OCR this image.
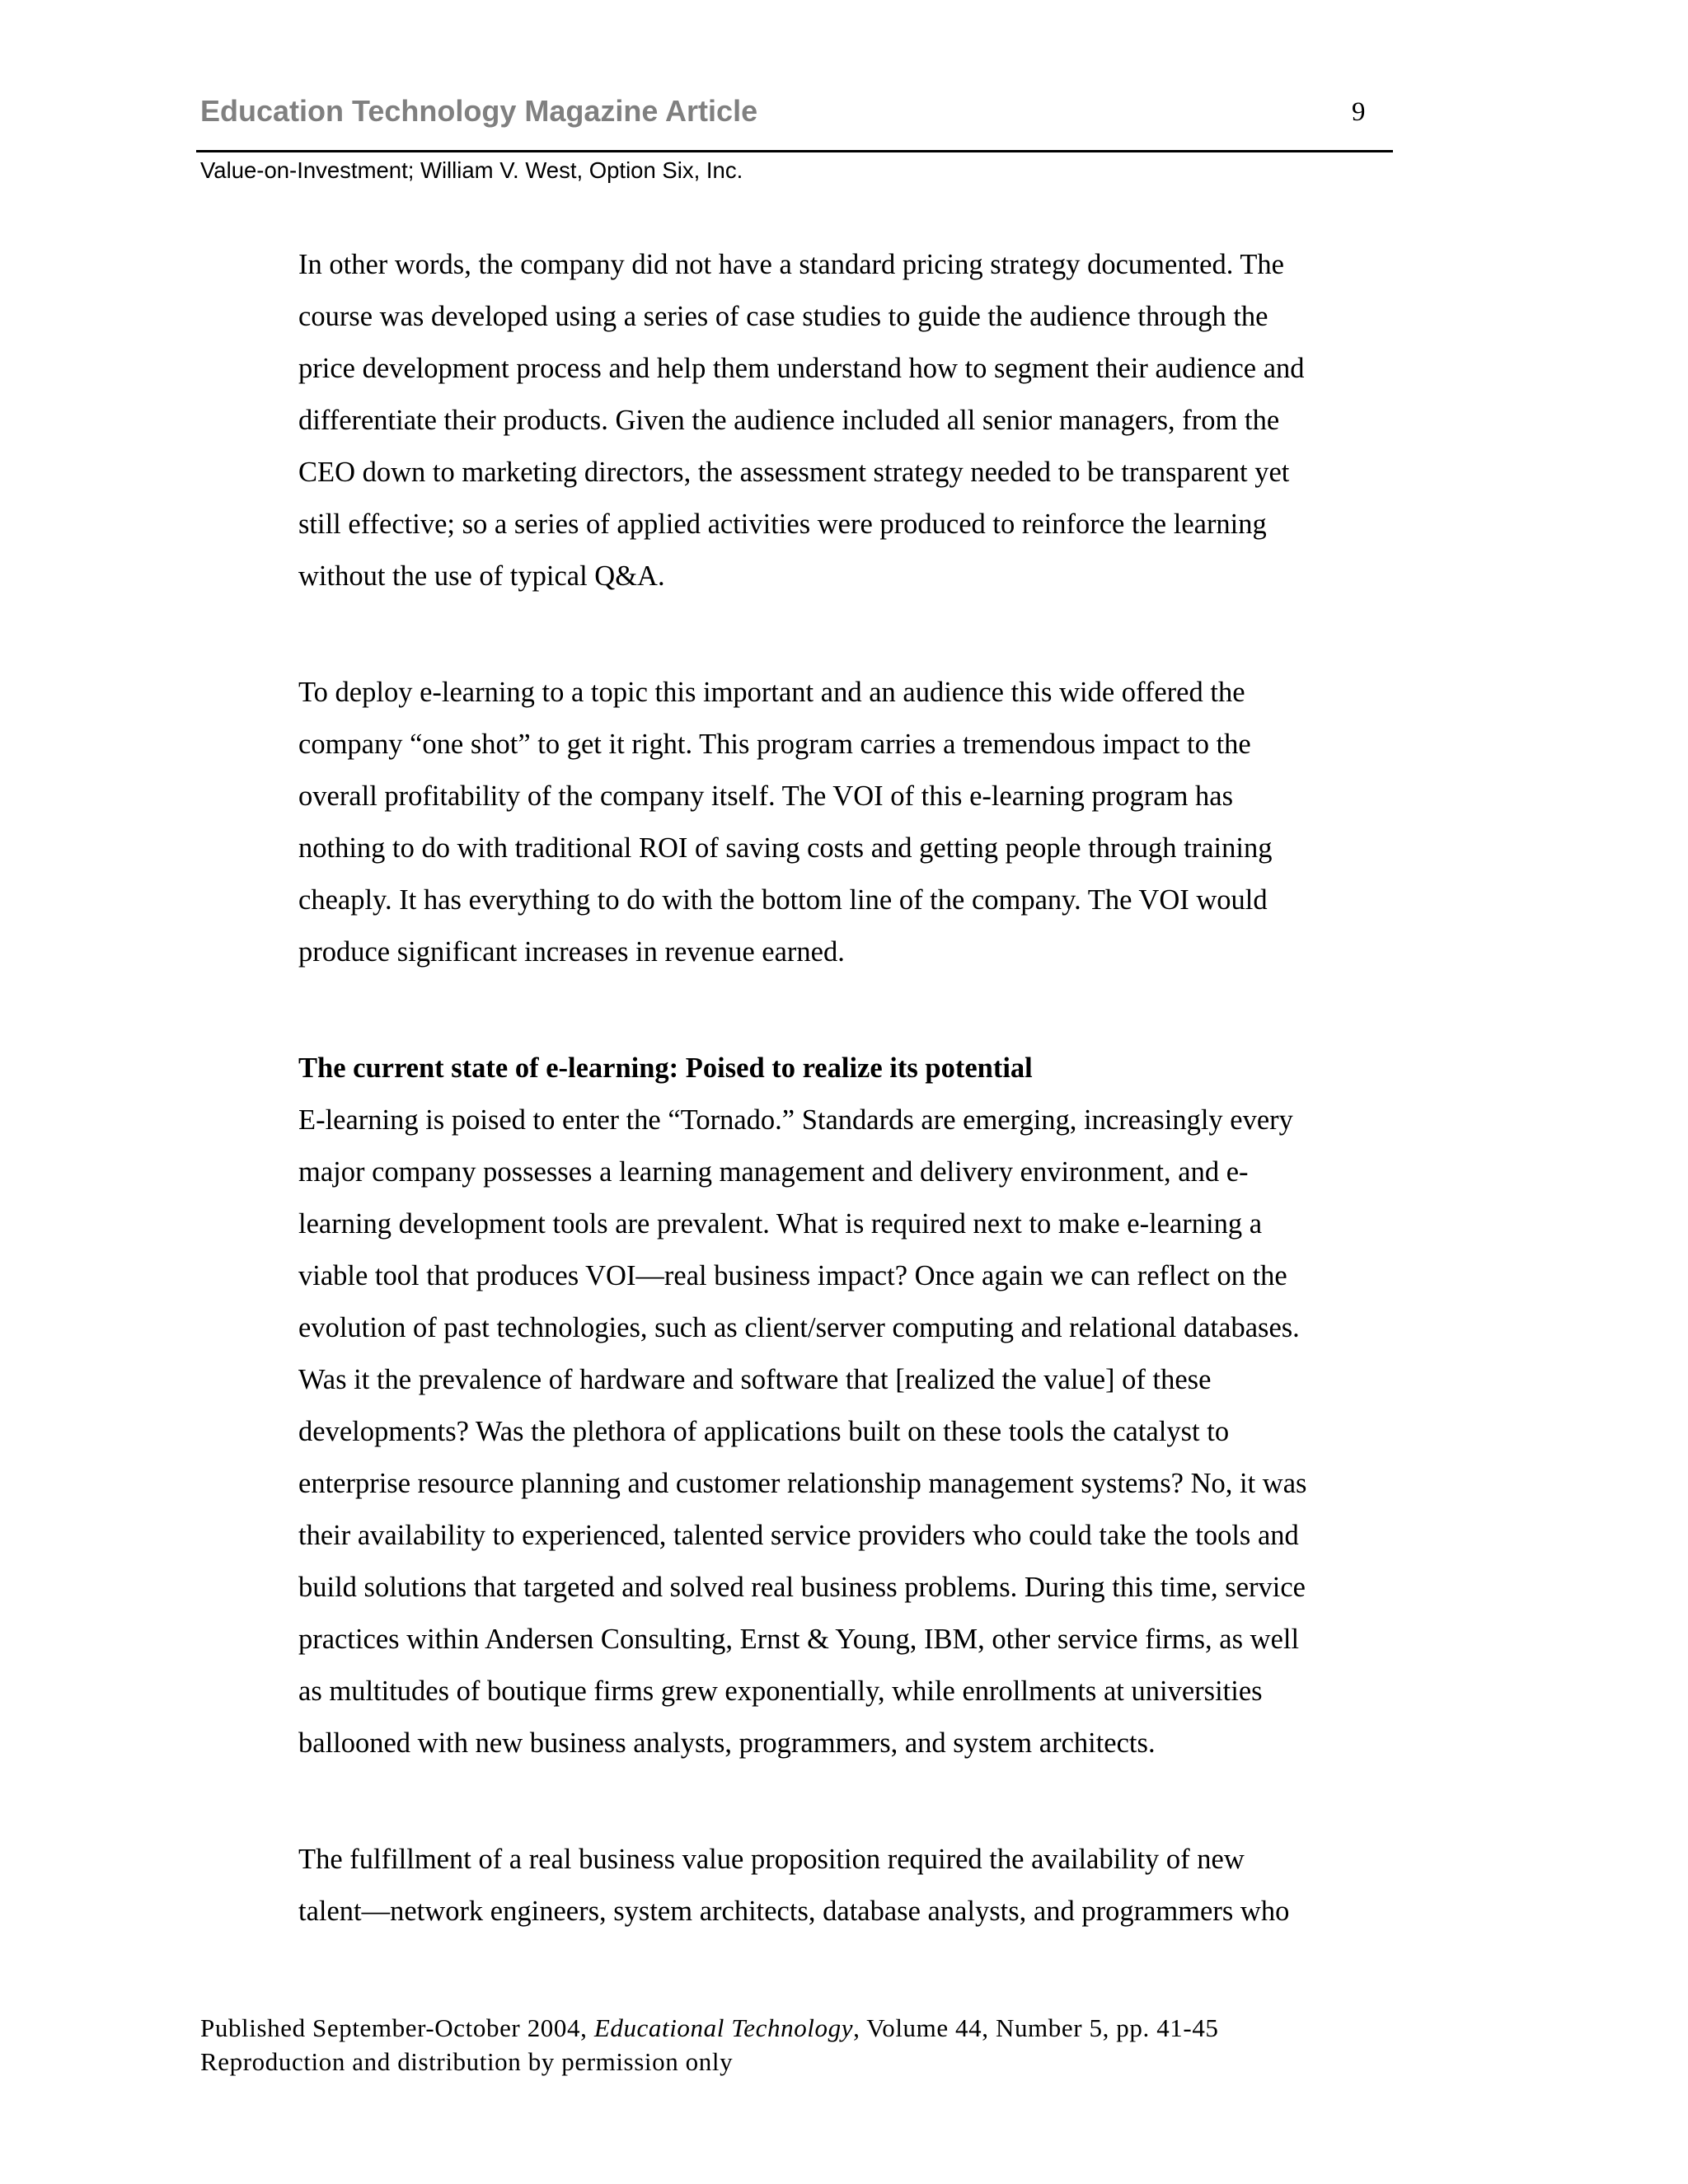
Education Technology Magazine Article	9
Value-on-Investment; William V. West, Option Six, Inc.
In other words, the company did not have a standard pricing strategy documented. The
course was developed using a series of case studies to guide the audience through the
price development process and help them understand how to segment their audience and
differentiate their products. Given the audience included all senior managers, from the
CEO down to marketing directors, the assessment strategy needed to be transparent yet
still effective; so a series of applied activities were produced to reinforce the learning
without the use of typical Q&A.
To deploy e-learning to a topic this important and an audience this wide offered the
company “one shot” to get it right. This program carries a tremendous impact to the
overall profitability of the company itself. The VOI of this e-learning program has
nothing to do with traditional ROI of saving costs and getting people through training
cheaply. It has everything to do with the bottom line of the company. The VOI would
produce significant increases in revenue earned.
The current state of e-learning: Poised to realize its potential
E-learning is poised to enter the “Tornado.” Standards are emerging, increasingly every
major company possesses a learning management and delivery environment, and e-
learning development tools are prevalent. What is required next to make e-learning a
viable tool that produces VOI—real business impact? Once again we can reflect on the
evolution of past technologies, such as client/server computing and relational databases.
Was it the prevalence of hardware and software that [realized the value] of these
developments? Was the plethora of applications built on these tools the catalyst to
enterprise resource planning and customer relationship management systems? No, it was
their availability to experienced, talented service providers who could take the tools and
build solutions that targeted and solved real business problems. During this time, service
practices within Andersen Consulting, Ernst & Young, IBM, other service firms, as well
as multitudes of boutique firms grew exponentially, while enrollments at universities
ballooned with new business analysts, programmers, and system architects.
The fulfillment of a real business value proposition required the availability of new
talent—network engineers, system architects, database analysts, and programmers who
Published September-October 2004, Educational Technology, Volume 44, Number 5, pp. 41-45
Reproduction and distribution by permission only
